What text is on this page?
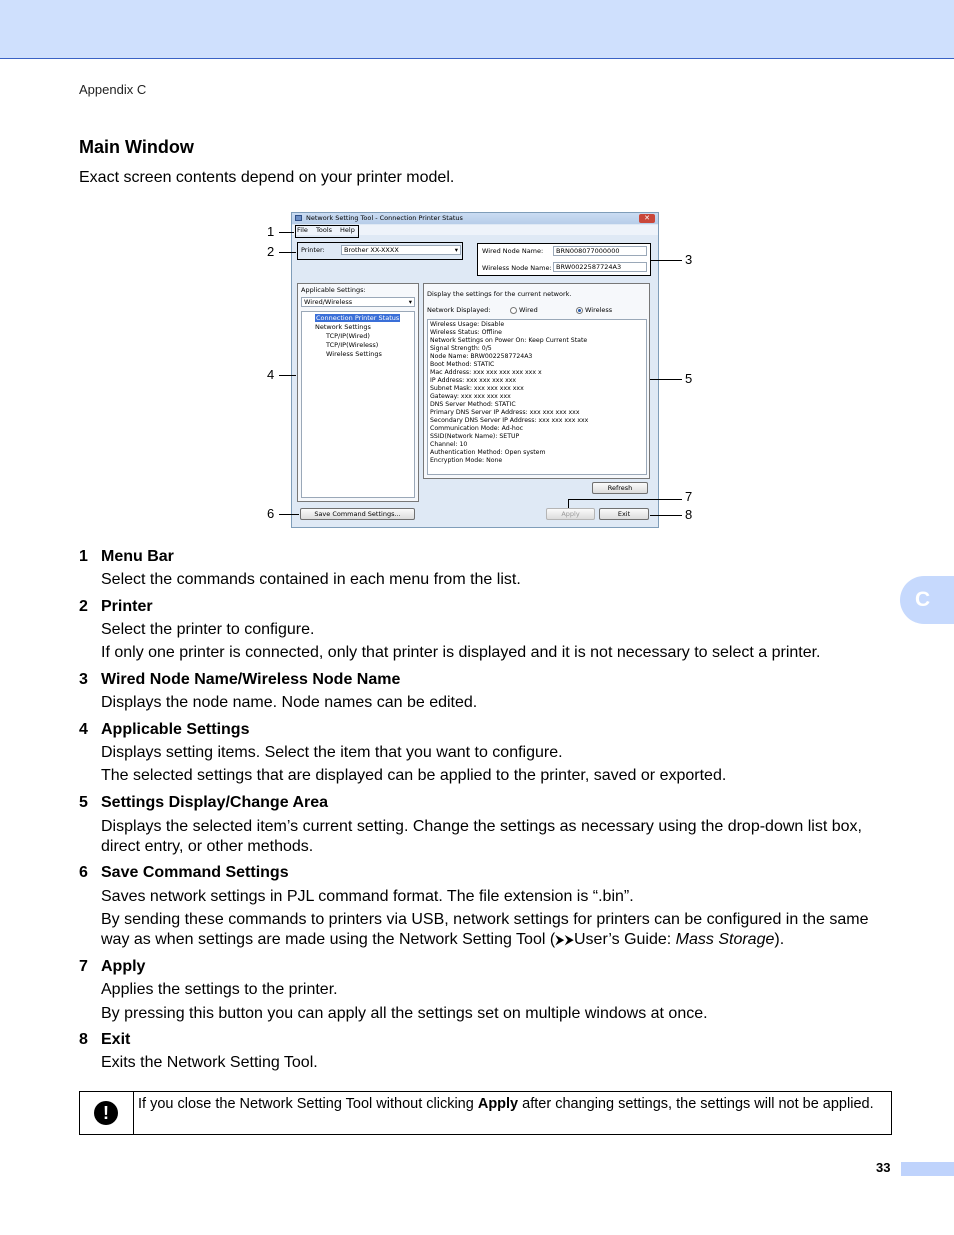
Appendix C
Main Window
Exact screen contents depend on your printer model.
Network Setting Tool - Connection Printer Status	✕
File Tools Help
Printer:	Brother XX-XXXX	▾	Wired Node Name: BRN008077000000
Wireless Node Name: BRW0022587724A3
Applicable Settings:
Wired/Wireless	▾
Connection Printer Status
Network Settings
TCP/IP(Wired)
TCP/IP(Wireless)
Wireless Settings
Display the settings for the current network.
Network Displayed:	Wired	Wireless
Wireless Usage: Disable
Wireless Status: Offline
Network Settings on Power On: Keep Current State
Signal Strength: 0/5
Node Name: BRW0022587724A3
Boot Method: STATIC
Mac Address: xxx xxx xxx xxx xxx x
IP Address: xxx xxx xxx xxx
Subnet Mask: xxx xxx xxx xxx
Gateway: xxx xxx xxx xxx
DNS Server Method: STATIC
Primary DNS Server IP Address: xxx xxx xxx xxx
Secondary DNS Server IP Address: xxx xxx xxx xxx
Communication Mode: Ad-hoc
SSID(Network Name): SETUP
Channel: 10
Authentication Method: Open system
Encryption Mode: None
Refresh
Save Command Settings...	Apply	Exit
1
2
3
4	5
6
7
8
1 Menu Bar
Select the commands contained in each menu from the list.
2 Printer
Select the printer to configure.
If only one printer is connected, only that printer is displayed and it is not necessary to select a printer.
3 Wired Node Name/Wireless Node Name
Displays the node name. Node names can be edited.
4 Applicable Settings
Displays setting items. Select the item that you want to configure.
The selected settings that are displayed can be applied to the printer, saved or exported.
5 Settings Display/Change Area
Displays the selected item’s current setting. Change the settings as necessary using the drop-down list box, direct entry, or other methods.
6 Save Command Settings
Saves network settings in PJL command format. The file extension is “.bin”.
By sending these commands to printers via USB, network settings for printers can be configured in the same way as when settings are made using the Network Setting Tool (⮞⮞User’s Guide: Mass Storage).
7 Apply
Applies the settings to the printer.
By pressing this button you can apply all the settings set on multiple windows at once.
8 Exit
Exits the Network Setting Tool.
!	If you close the Network Setting Tool without clicking Apply after changing settings, the settings will not be applied.
33
C
